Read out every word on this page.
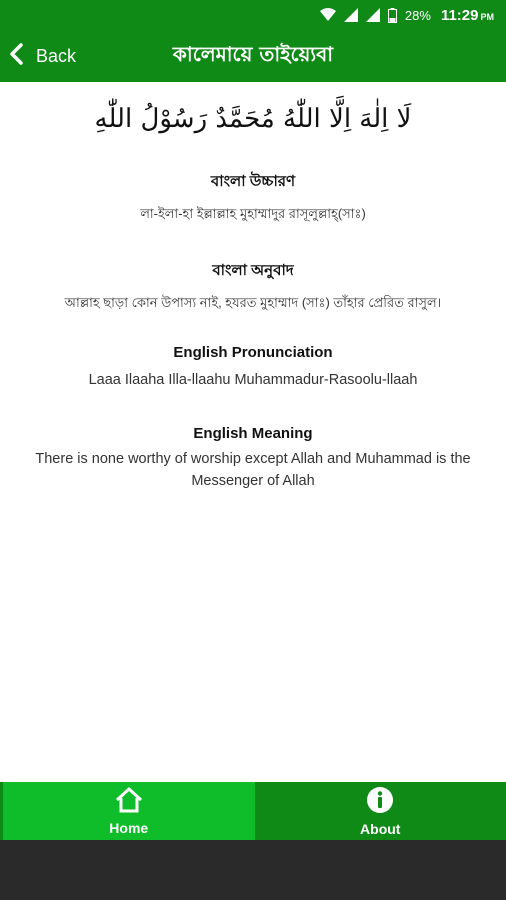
28% 11:29 PM
কালেমায়ে তাইয়্যেবা
Back
لَا اِلٰهَ اِلَّا اللّٰهُ مُحَمَّدٌ رَسُوْلُ اللّٰهِ
বাংলা উচ্চারণ
লা-ইলা-হা ইল্লাল্লাহ মুহাম্মাদুর রাসূলুল্লাহ্‌(সাঃ)
বাংলা অনুবাদ
আল্লাহ ছাড়া কোন উপাস্য নাই, হযরত মুহাম্মাদ (সাঃ) তাঁহার প্রেরিত রাসুল।
English Pronunciation
Laaa Ilaaha Illa-llaahu Muhammadur-Rasoolu-llaah
English Meaning
There is none worthy of worship except Allah and Muhammad is the Messenger of Allah
Home	About
